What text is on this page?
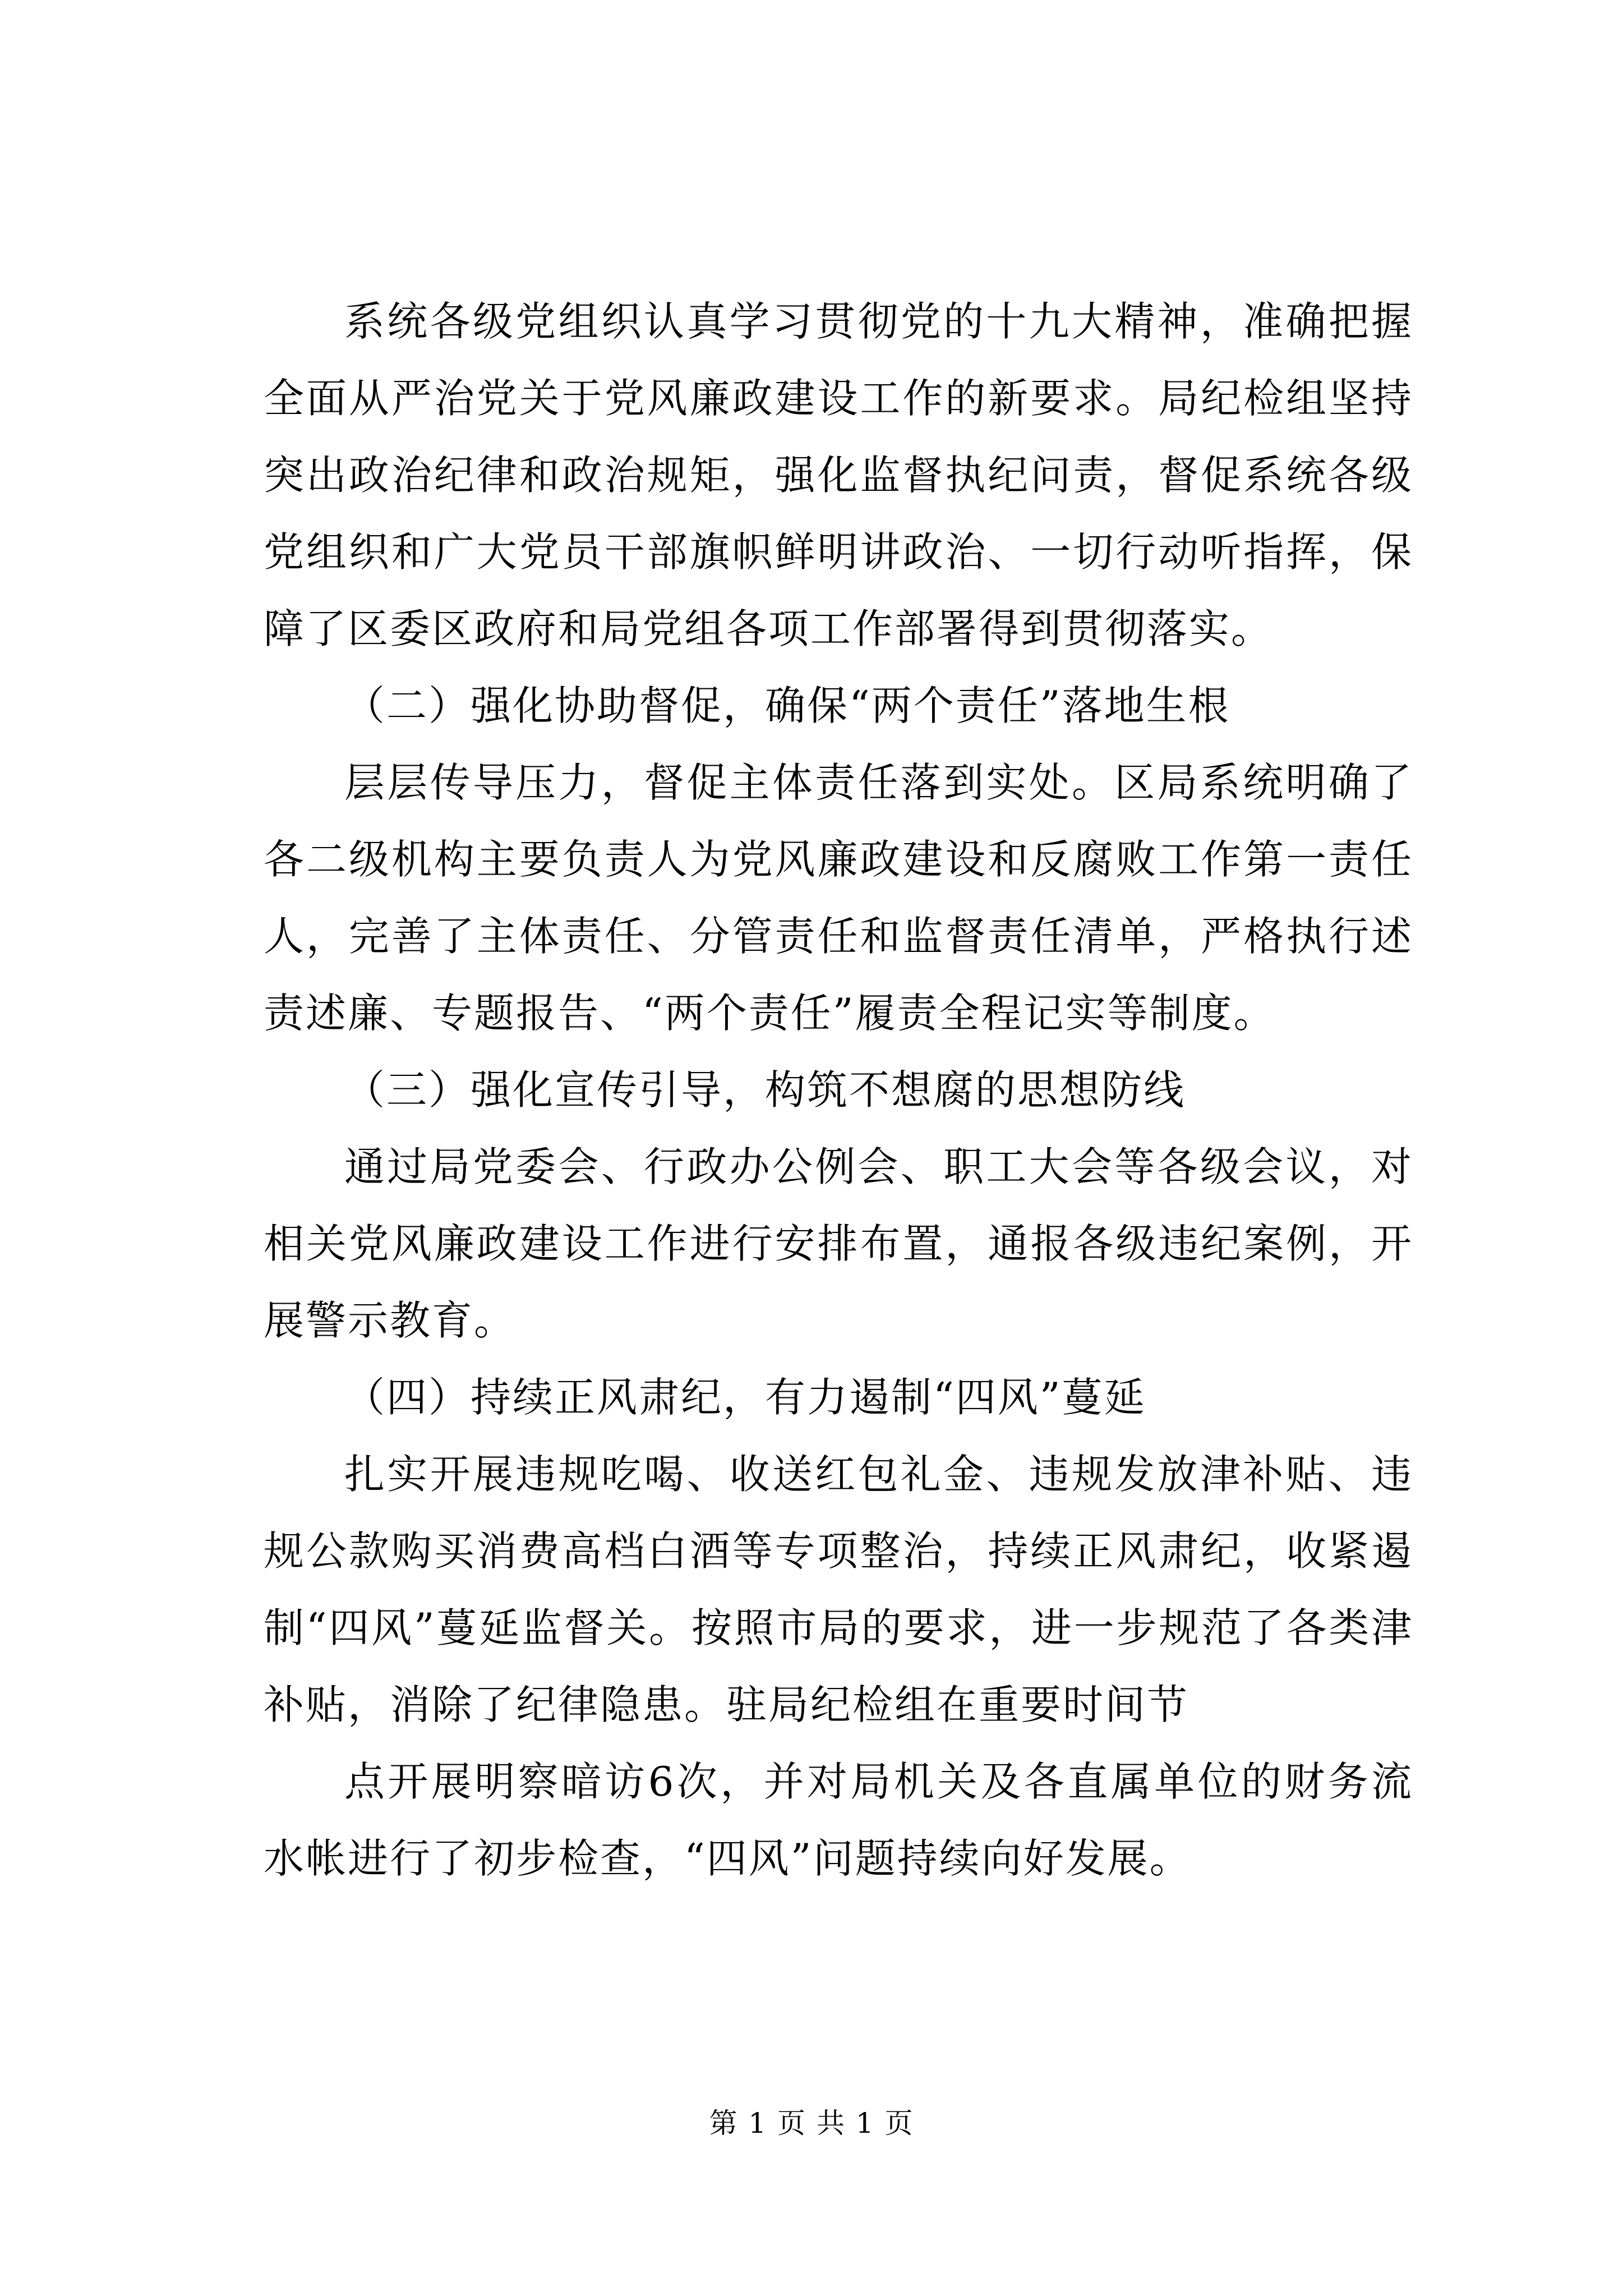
系统各级党组织认真学习贯彻党的十九大精神，准确把握全面从严治党关于党风廉政建设工作的新要求。局纪检组坚持突出政治纪律和政治规矩，强化监督执纪问责，督促系统各级党组织和广大党员干部旗帜鲜明讲政治、一切行动听指挥，保障了区委区政府和局党组各项工作部署得到贯彻落实。

（二）强化协助督促，确保“两个责任”落地生根

层层传导压力，督促主体责任落到实处。区局系统明确了各二级机构主要负责人为党风廉政建设和反腐败工作第一责任人，完善了主体责任、分管责任和监督责任清单，严格执行述责述廉、专题报告、“两个责任”履责全程记实等制度。

（三）强化宣传引导，构筑不想腐的思想防线

通过局党委会、行政办公例会、职工大会等各级会议，对相关党风廉政建设工作进行安排布置，通报各级违纪案例，开展警示教育。

（四）持续正风肃纪，有力遏制“四风”蔓延

扎实开展违规吃喝、收送红包礼金、违规发放津补贴、违规公款购买消费高档白酒等专项整治，持续正风肃纪，收紧遏制“四风”蔓延监督关。按照市局的要求，进一步规范了各类津补贴，消除了纪律隐患。驻局纪检组在重要时间节

点开展明察暗访6次，并对局机关及各直属单位的财务流水帐进行了初步检查，“四风”问题持续向好发展。

第 1 页 共 1 页
